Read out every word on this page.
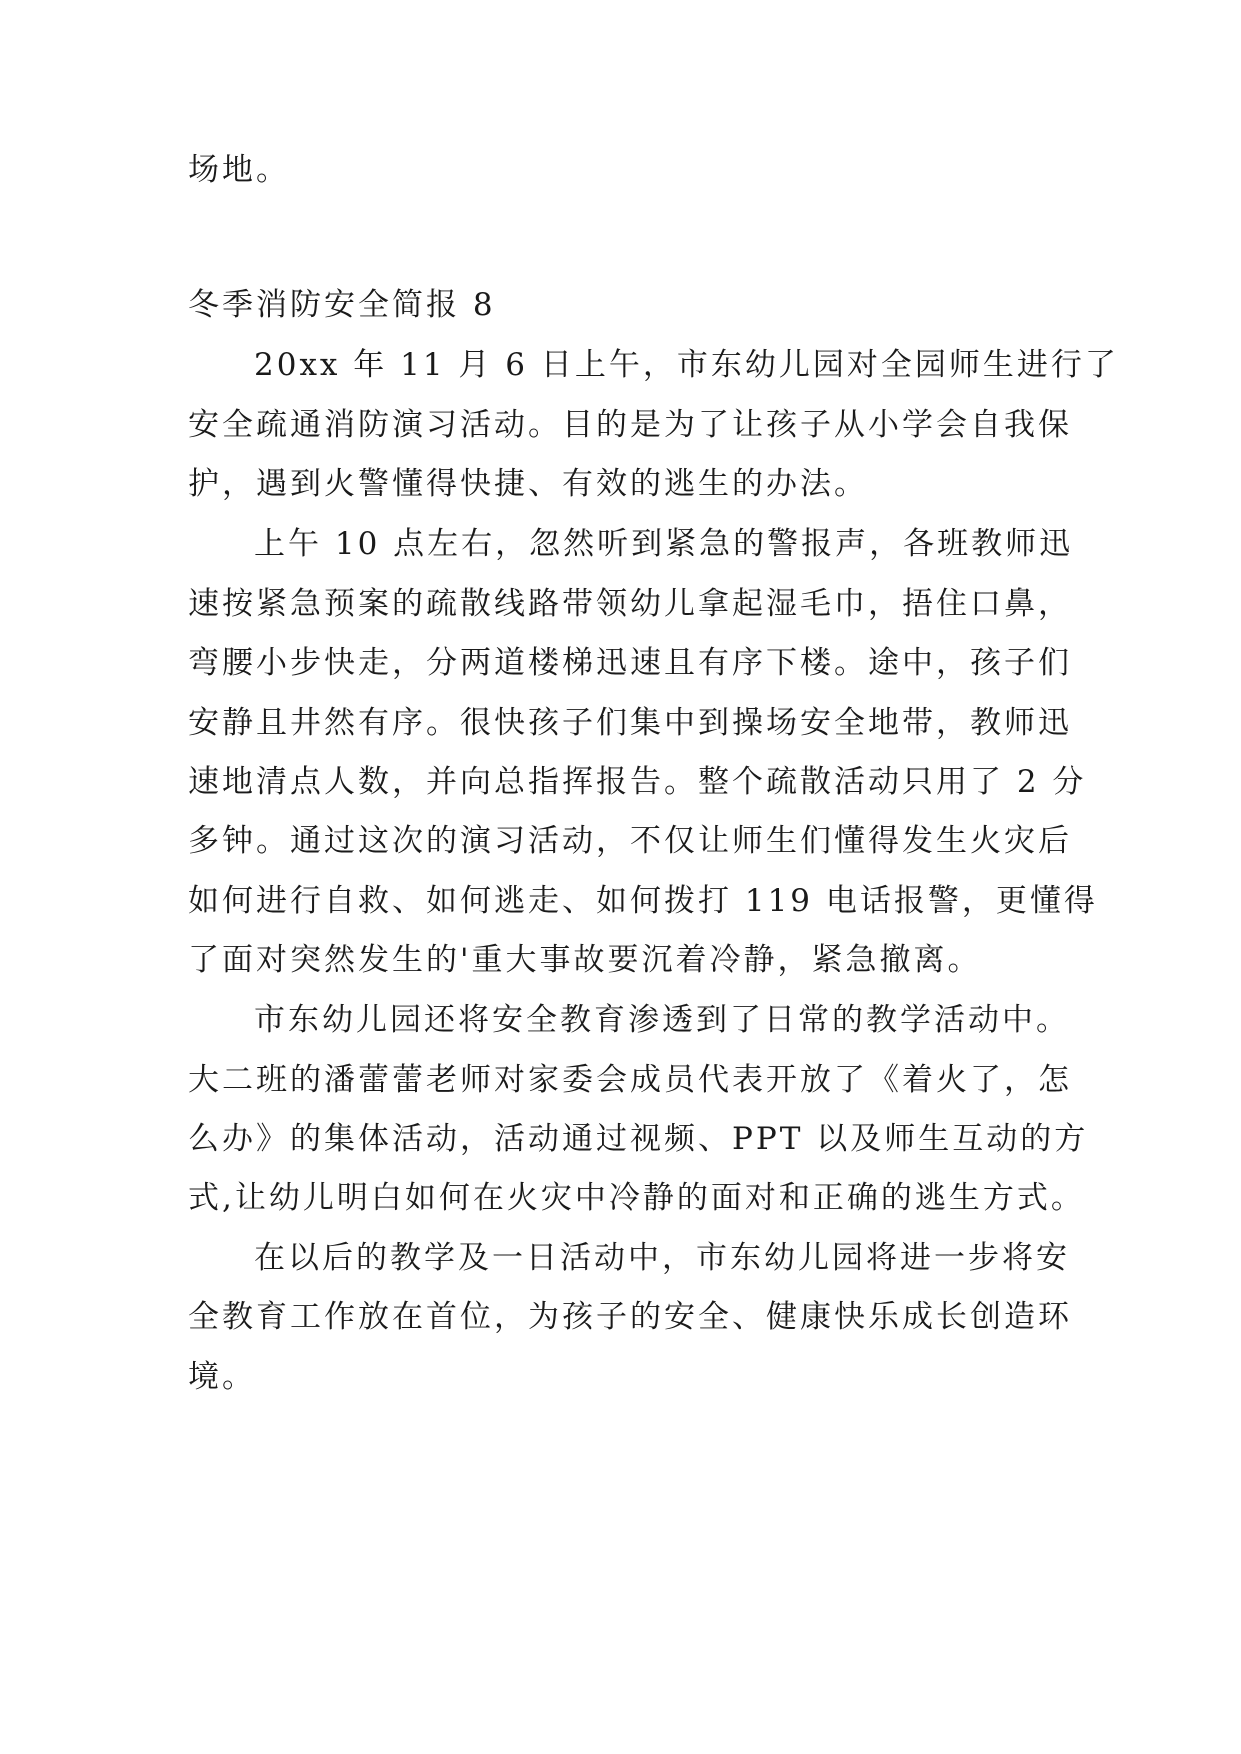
场地。
冬季消防安全简报 8
20xx 年 11 月 6 日上午，市东幼儿园对全园师生进行了
安全疏通消防演习活动。目的是为了让孩子从小学会自我保
护，遇到火警懂得快捷、有效的逃生的办法。
上午 10 点左右，忽然听到紧急的警报声，各班教师迅
速按紧急预案的疏散线路带领幼儿拿起湿毛巾，捂住口鼻，
弯腰小步快走，分两道楼梯迅速且有序下楼。途中，孩子们
安静且井然有序。很快孩子们集中到操场安全地带，教师迅
速地清点人数，并向总指挥报告。整个疏散活动只用了 2 分
多钟。通过这次的演习活动，不仅让师生们懂得发生火灾后
如何进行自救、如何逃走、如何拨打 119 电话报警，更懂得
了面对突然发生的'重大事故要沉着冷静，紧急撤离。
市东幼儿园还将安全教育渗透到了日常的教学活动中。
大二班的潘蕾蕾老师对家委会成员代表开放了《着火了，怎
么办》的集体活动，活动通过视频、PPT 以及师生互动的方
式,让幼儿明白如何在火灾中冷静的面对和正确的逃生方式。
在以后的教学及一日活动中，市东幼儿园将进一步将安
全教育工作放在首位，为孩子的安全、健康快乐成长创造环
境。
